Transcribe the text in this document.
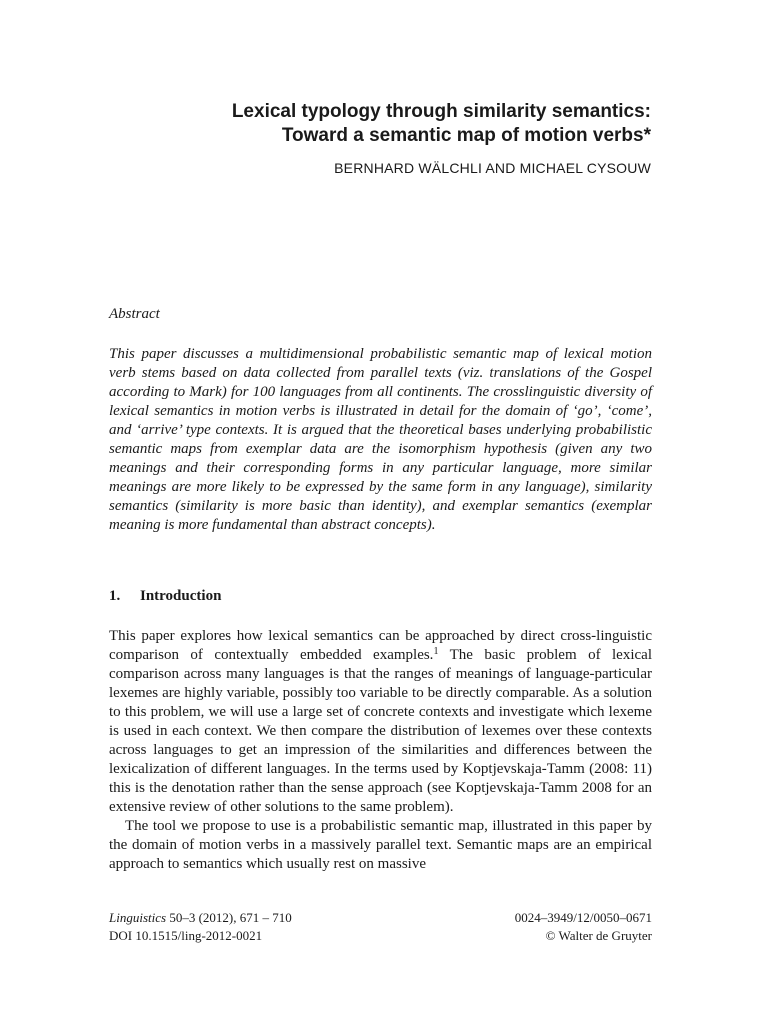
Lexical typology through similarity semantics:
Toward a semantic map of motion verbs*
BERNHARD WÄLCHLI AND MICHAEL CYSOUW
Abstract

This paper discusses a multidimensional probabilistic semantic map of lexical motion verb stems based on data collected from parallel texts (viz. translations of the Gospel according to Mark) for 100 languages from all continents. The crosslinguistic diversity of lexical semantics in motion verbs is illustrated in detail for the domain of ‘go’, ‘come’, and ‘arrive’ type contexts. It is argued that the theoretical bases underlying probabilistic semantic maps from exemplar data are the isomorphism hypothesis (given any two meanings and their corresponding forms in any particular language, more similar meanings are more likely to be expressed by the same form in any language), similarity semantics (similarity is more basic than identity), and exemplar semantics (exemplar meaning is more fundamental than abstract concepts).

1. Introduction

This paper explores how lexical semantics can be approached by direct cross-linguistic comparison of contextually embedded examples.$^1$ The basic problem of lexical comparison across many languages is that the ranges of meanings of language-particular lexemes are highly variable, possibly too variable to be directly comparable. As a solution to this problem, we will use a large set of concrete contexts and investigate which lexeme is used in each context. We then compare the distribution of lexemes over these contexts across languages to get an impression of the similarities and differences between the lexicalization of different languages. In the terms used by Koptjevskaja-Tamm (2008: 11) this is the denotation rather than the sense approach (see Koptjevskaja-Tamm 2008 for an extensive review of other solutions to the same problem).

The tool we propose to use is a probabilistic semantic map, illustrated in this paper by the domain of motion verbs in a massively parallel text. Semantic maps are an empirical approach to semantics which usually rest on massive

Linguistics 50–3 (2012), 671 – 710	0024–3949/12/0050–0671
DOI 10.1515/ling-2012-0021	© Walter de Gruyter
